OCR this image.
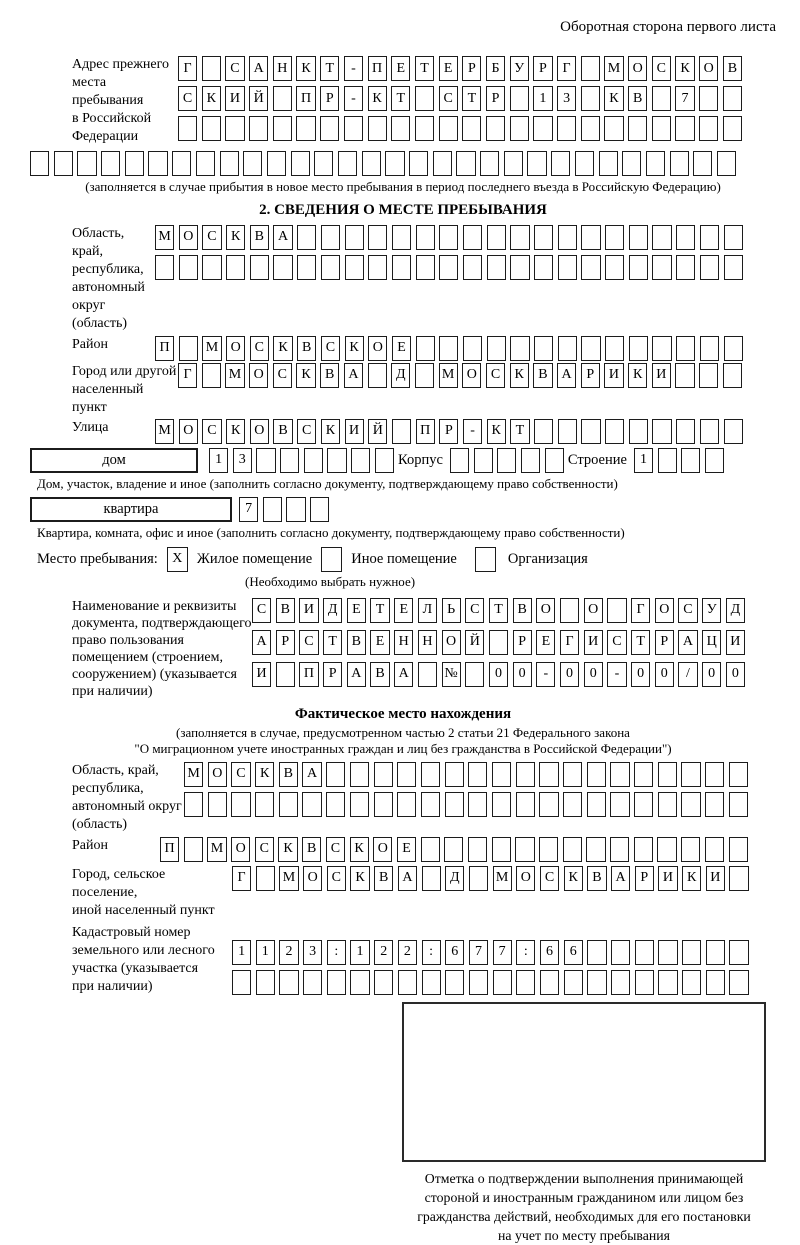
Оборотная сторона первого листа
Адрес прежнего
места пребывания
в Российской
Федерации
Г	С А Н К	Т	-	П	Е	Т	Е	Р	Б	У	Р	Г	М О С	К О В
С	К И Й	П	Р	-	К	Т	С	Т	Р	1	3	К	В	7
(заполняется в случае прибытия в новое место пребывания в период последнего въезда в Российскую Федерацию)
2. СВЕДЕНИЯ О МЕСТЕ ПРЕБЫВАНИЯ
Область, край,
республика,
автономный
округ (область)
М О С	К	В А
Район	П	М О С	К	В	С	К О	Е
Город или другой
населенный пункт
Г	М О С	К	В А	Д	М О С	К	В А	Р	И К И
Улица	М О С	К О В	С	К И Й	П	Р	-	К	Т
дом	1	3	Корпус	Строение 1
Дом, участок, владение и иное (заполнить согласно документу, подтверждающему право собственности)
квартира	7
Квартира, комната, офис и иное (заполнить согласно документу, подтверждающему право собственности)
Место пребывания:	X Жилое помещение	Иное помещение	Организация
(Необходимо выбрать нужное)
Наименование и реквизиты
документа, подтверждающего
право пользования
помещением (строением,
сооружением) (указывается
при наличии)
С	В И Д	Е	Т	Е	Л	Ь	С	Т	В О	О	Г	О С	У Д
А	Р	С	Т	В	Е	Н Н О Й	Р	Е	Г	И С	Т	Р	А Ц И
И	П	Р	А В А	№	0	0	-	0	0	-	0	0	/	0	0
Фактическое место нахождения
(заполняется в случае, предусмотренном частью 2 статьи 21 Федерального закона
"О миграционном учете иностранных граждан и лиц без гражданства в Российской Федерации")
Область, край,
республика,
автономный округ
(область)
М О С	К	В А
Район	П	М О С	К	В	С	К О	Е
Город, сельское поселение,
иной населенный пункт
Г	М О С	К	В А	Д	М О С	К	В А	Р	И К И
Кадастровый номер
земельного или лесного
участка (указывается
при наличии)
1	1	2	3	:	1	2	2	:	6	7	7	:	6	6
Отметка о подтверждении выполнения принимающей
стороной и иностранным гражданином или лицом без
гражданства действий, необходимых для его постановки
на учет по месту пребывания
